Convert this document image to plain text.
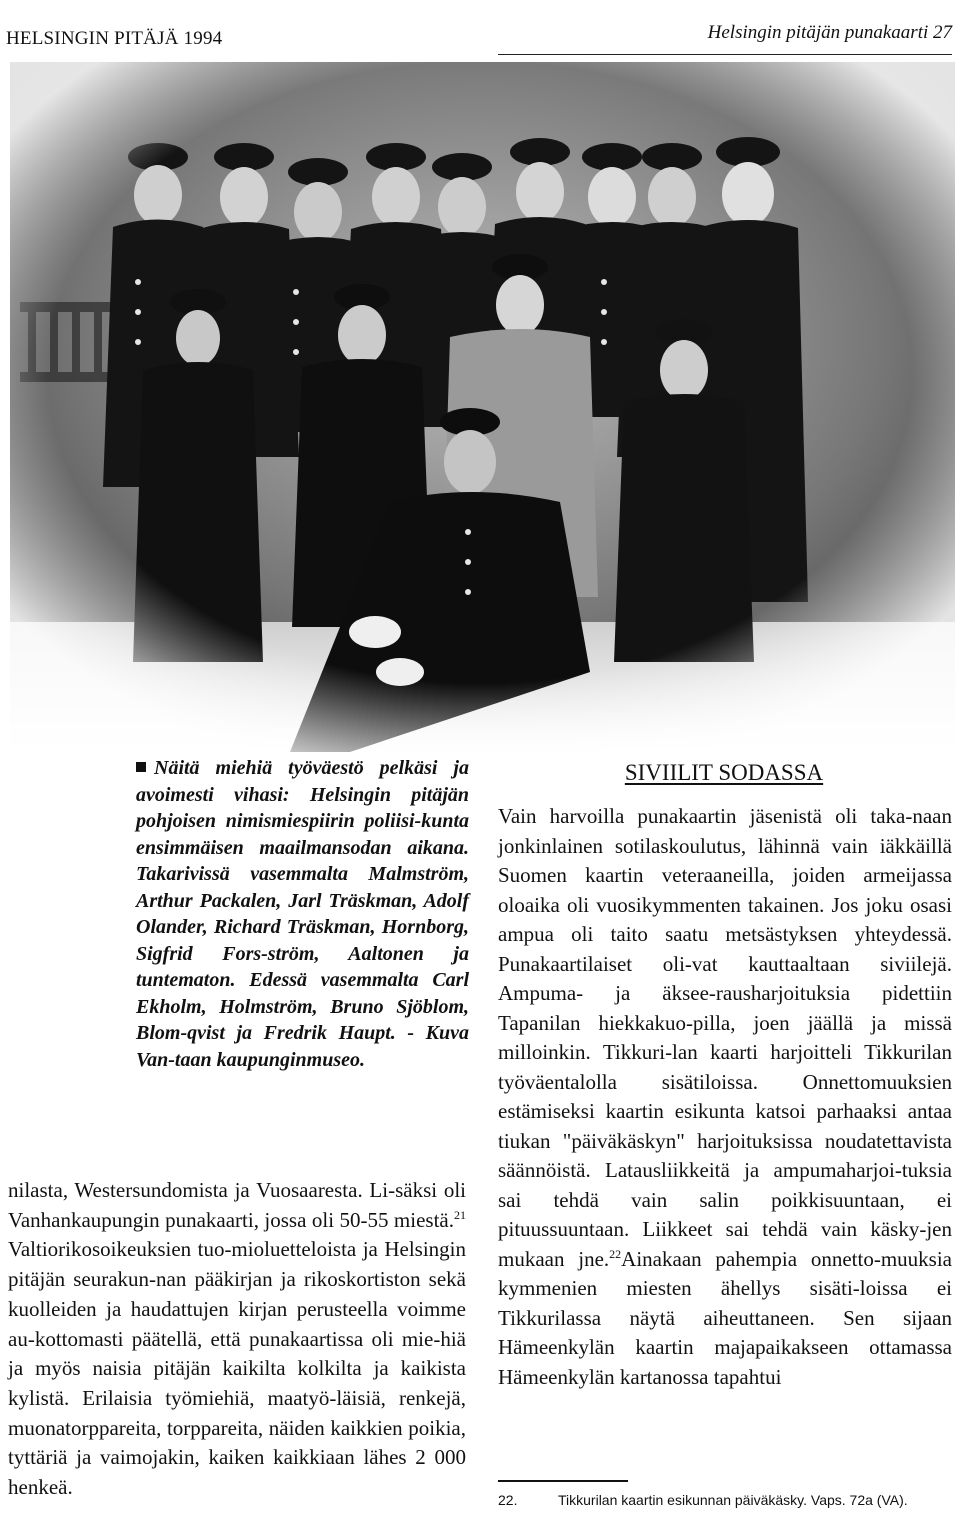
HELSINGIN PITÄJÄ 1994	Helsingin pitäjän punakaarti 27
Näitä miehiä työväestö pelkäsi ja avoimesti vihasi: Helsingin pitäjän pohjoisen nimismiespiirin poliisi-kunta ensimmäisen maailmansodan aikana. Takarivissä vasemmalta Malmström, Arthur Packalen, Jarl Träskman, Adolf Olander, Richard Träskman, Hornborg, Sigfrid Fors-ström, Aaltonen ja tuntematon. Edessä vasemmalta Carl Ekholm, Holmström, Bruno Sjöblom, Blom-qvist ja Fredrik Haupt. - Kuva Van-taan kaupunginmuseo.

nilasta, Westersundomista ja Vuosaaresta. Li-säksi oli Vanhankaupungin punakaarti, jossa oli 50-55 miestä.$^{21}$ Valtiorikosoikeuksien tuo-mioluetteloista ja Helsingin pitäjän seurakun-nan pääkirjan ja rikoskortiston sekä kuolleiden ja haudattujen kirjan perusteella voimme au-kottomasti päätellä, että punakaartissa oli mie-hiä ja myös naisia pitäjän kaikilta kolkilta ja kaikista kylistä. Erilaisia työmiehiä, maatyö-läisiä, renkejä, muonatorppareita, torppareita, näiden kaikkien poikia, tyttäriä ja vaimojakin, kaiken kaikkiaan lähes 2 000 henkeä.

SIVIILIT SODASSA

Vain harvoilla punakaartin jäsenistä oli taka-naan jonkinlainen sotilaskoulutus, lähinnä vain iäkkäillä Suomen kaartin veteraaneilla, joiden armeijassa oloaika oli vuosikymmenten takainen. Jos joku osasi ampua oli taito saatu metsästyksen yhteydessä. Punakaartilaiset oli-vat kauttaaltaan siviilejä. Ampuma- ja äksee-rausharjoituksia pidettiin Tapanilan hiekkakuo-pilla, joen jäällä ja missä milloinkin. Tikkuri-lan kaarti harjoitteli Tikkurilan työväentalolla sisätiloissa. Onnettomuuksien estämiseksi kaartin esikunta katsoi parhaaksi antaa tiukan "päiväkäskyn" harjoituksissa noudatettavista säännöistä. Latausliikkeitä ja ampumaharjoi-tuksia sai tehdä vain salin poikkisuuntaan, ei pituussuuntaan. Liikkeet sai tehdä vain käsky-jen mukaan jne.$^{22}$Ainakaan pahempia onnetto-muuksia kymmenien miesten ähellys sisäti-loissa ei Tikkurilassa näytä aiheuttaneen. Sen sijaan Hämeenkylän kaartin majapaikakseen ottamassa Hämeenkylän kartanossa tapahtui

22.	Tikkurilan kaartin esikunnan päiväkäsky. Vaps. 72a (VA).
